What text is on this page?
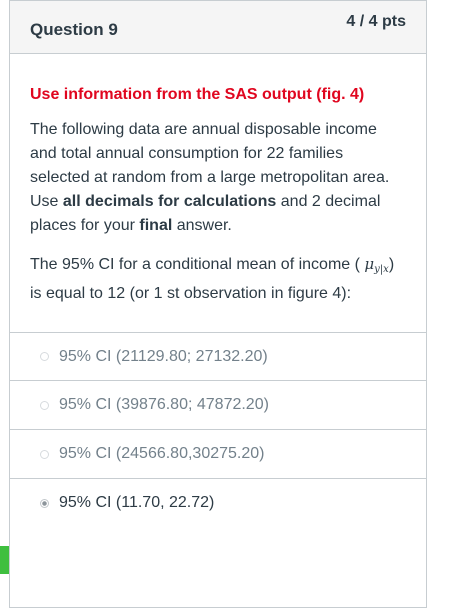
Question 9	4 / 4 pts

Use information from the SAS output (fig. 4)

The following data are annual disposable income and total annual consumption for 22 families selected at random from a large metropolitan area. Use all decimals for calculations and 2 decimal places for your final answer.

The 95% CI for a conditional mean of income ( $\mu_{y|x}$) is equal to 12 (or 1 st observation in figure 4):

95% CI (21129.80; 27132.20)
95% CI (39876.80; 47872.20)
95% CI (24566.80,30275.20)
95% CI (11.70, 22.72)
